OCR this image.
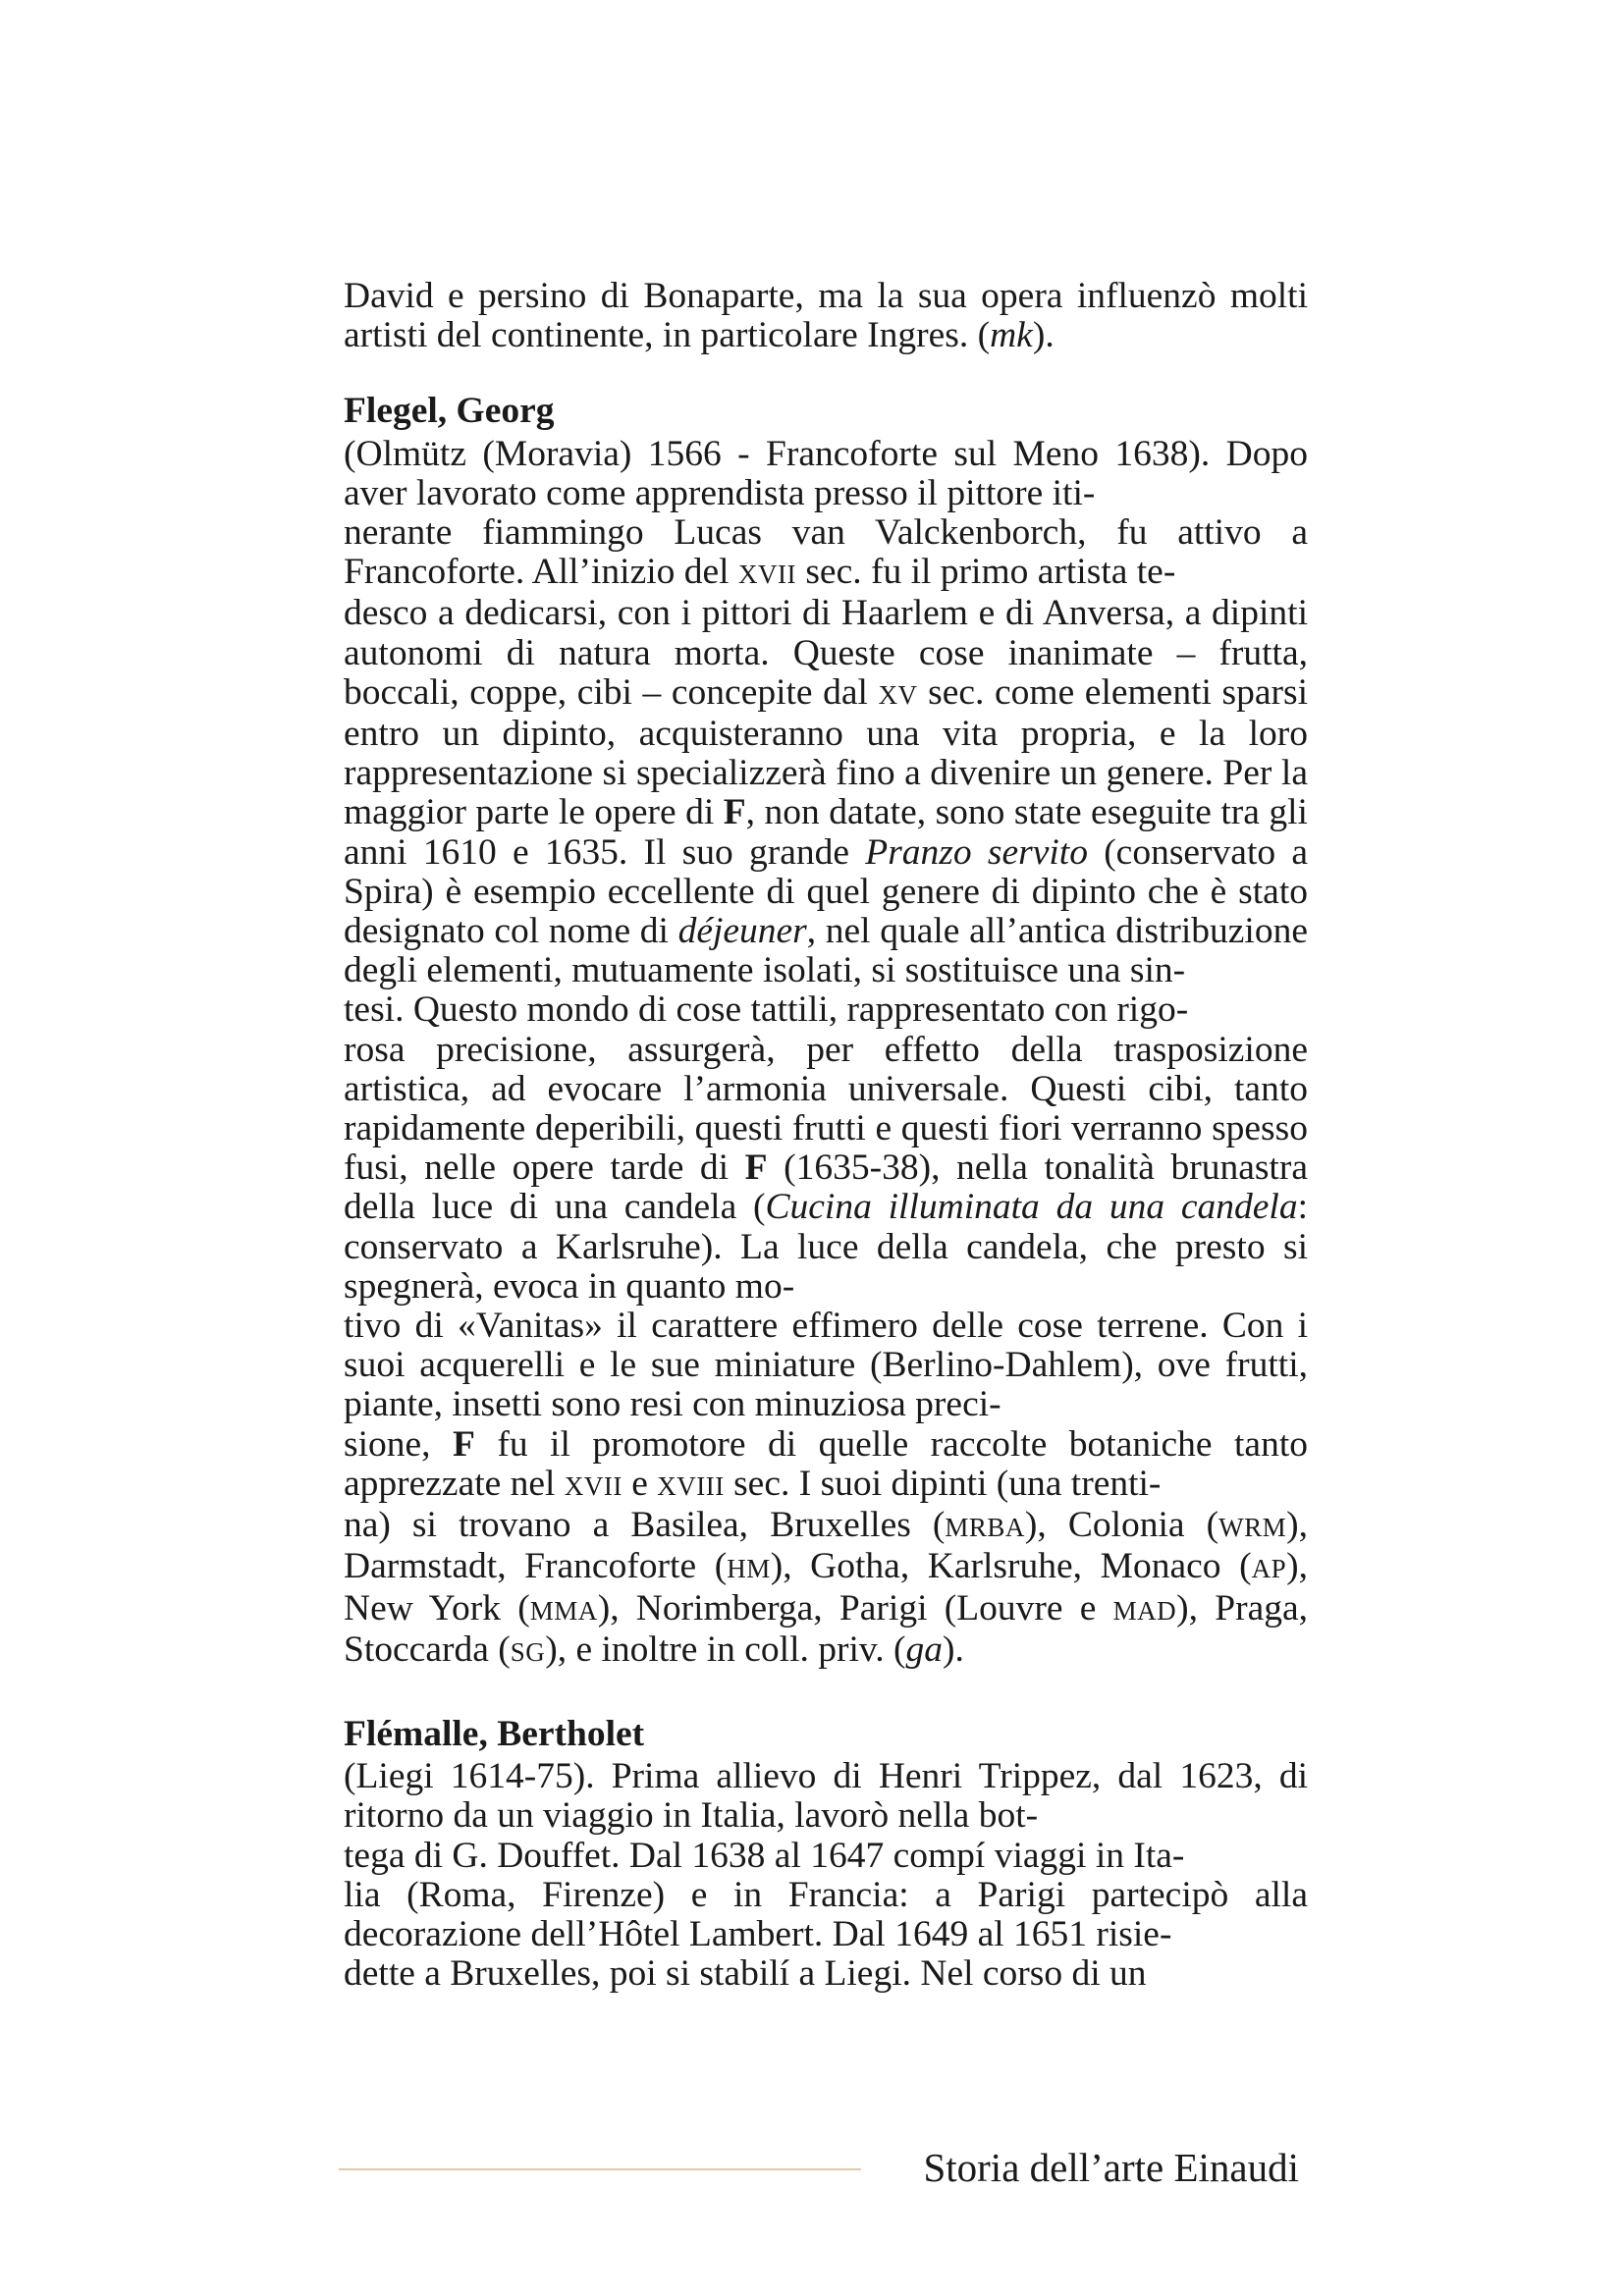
David e persino di Bonaparte, ma la sua opera influenzò molti artisti del continente, in particolare Ingres. (mk).

Flegel, Georg

(Olmütz (Moravia) 1566 - Francoforte sul Meno 1638). Dopo aver lavorato come apprendista presso il pittore iti-
nerante fiammingo Lucas van Valckenborch, fu attivo a Francoforte. All’inizio del XVII sec. fu il primo artista te-
desco a dedicarsi, con i pittori di Haarlem e di Anversa, a dipinti autonomi di natura morta. Queste cose inanimate – frutta, boccali, coppe, cibi – concepite dal XV sec. come elementi sparsi entro un dipinto, acquisteranno una vita propria, e la loro rappresentazione si specializzerà fino a divenire un genere. Per la maggior parte le opere di F, non datate, sono state eseguite tra gli anni 1610 e 1635. Il suo grande Pranzo servito (conservato a Spira) è esempio eccellente di quel genere di dipinto che è stato designato col nome di déjeuner, nel quale all’antica distribuzione degli elementi, mutuamente isolati, si sostituisce una sin-
tesi. Questo mondo di cose tattili, rappresentato con rigo-
rosa precisione, assurgerà, per effetto della trasposizione artistica, ad evocare l’armonia universale. Questi cibi, tanto rapidamente deperibili, questi frutti e questi fiori verranno spesso fusi, nelle opere tarde di F (1635-38), nella tonalità brunastra della luce di una candela (Cucina illuminata da una candela: conservato a Karlsruhe). La luce della candela, che presto si spegnerà, evoca in quanto mo-
tivo di «Vanitas» il carattere effimero delle cose terrene. Con i suoi acquerelli e le sue miniature (Berlino-Dahlem), ove frutti, piante, insetti sono resi con minuziosa preci-
sione, F fu il promotore di quelle raccolte botaniche tanto apprezzate nel XVII e XVIII sec. I suoi dipinti (una trenti-
na) si trovano a Basilea, Bruxelles (MRBA), Colonia (WRM), Darmstadt, Francoforte (HM), Gotha, Karlsruhe, Monaco (AP), New York (MMA), Norimberga, Parigi (Louvre e MAD), Praga, Stoccarda (SG), e inoltre in coll. priv. (ga).

Flémalle, Bertholet

(Liegi 1614-75). Prima allievo di Henri Trippez, dal 1623, di ritorno da un viaggio in Italia, lavorò nella bot-
tega di G. Douffet. Dal 1638 al 1647 compí viaggi in Ita-
lia (Roma, Firenze) e in Francia: a Parigi partecipò alla decorazione dell’Hôtel Lambert. Dal 1649 al 1651 risie-
dette a Bruxelles, poi si stabilí a Liegi. Nel corso di un

Storia dell’arte Einaudi
